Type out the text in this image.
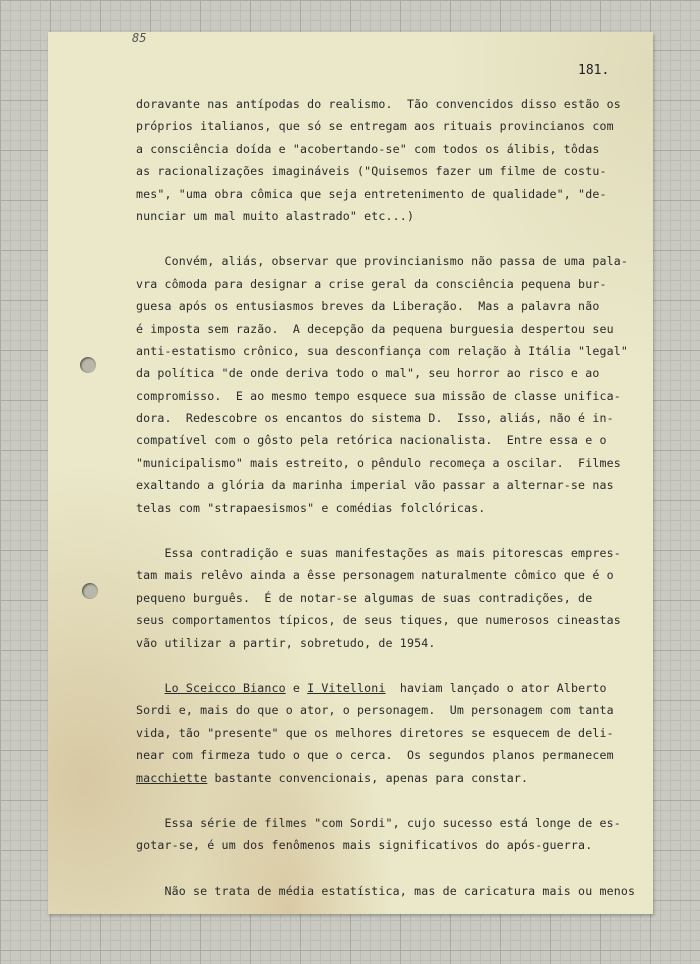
85
181.
doravante nas antípodas do realismo.  Tão convencidos disso estão os
próprios italianos, que só se entregam aos rituais provincianos com
a consciência doída e "acobertando-se" com todos os álibis, tôdas
as racionalizações imagináveis ("Quisemos fazer um filme de costu-
mes", "uma obra cômica que seja entretenimento de qualidade", "de-
nunciar um mal muito alastrado" etc...)
Convém, aliás, observar que provincianismo não passa de uma pala-
vra cômoda para designar a crise geral da consciência pequena bur-
guesa após os entusiasmos breves da Liberação.  Mas a palavra não
é imposta sem razão.  A decepção da pequena burguesia despertou seu
anti-estatismo crônico, sua desconfiança com relação à Itália "legal"
da política "de onde deriva todo o mal", seu horror ao risco e ao
compromisso.  E ao mesmo tempo esquece sua missão de classe unifica-
dora.  Redescobre os encantos do sistema D.  Isso, aliás, não é in-
compatível com o gôsto pela retórica nacionalista.  Entre essa e o
"municipalismo" mais estreito, o pêndulo recomeça a oscilar.  Filmes
exaltando a glória da marinha imperial vão passar a alternar-se nas
telas com "strapaesismos" e comédias folclóricas.
Essa contradição e suas manifestações as mais pitorescas empres-
tam mais relêvo ainda a êsse personagem naturalmente cômico que é o
pequeno burguês.  É de notar-se algumas de suas contradições, de
seus comportamentos típicos, de seus tiques, que numerosos cineastas
vão utilizar a partir, sobretudo, de 1954.
Lo Sceicco Bianco e I Vitelloni  haviam lançado o ator Alberto
Sordi e, mais do que o ator, o personagem.  Um personagem com tanta
vida, tão "presente" que os melhores diretores se esquecem de deli-
near com firmeza tudo o que o cerca.  Os segundos planos permanecem
macchiette bastante convencionais, apenas para constar.
Essa série de filmes "com Sordi", cujo sucesso está longe de es-
gotar-se, é um dos fenômenos mais significativos do após-guerra.
Não se trata de média estatística, mas de caricatura mais ou menos
